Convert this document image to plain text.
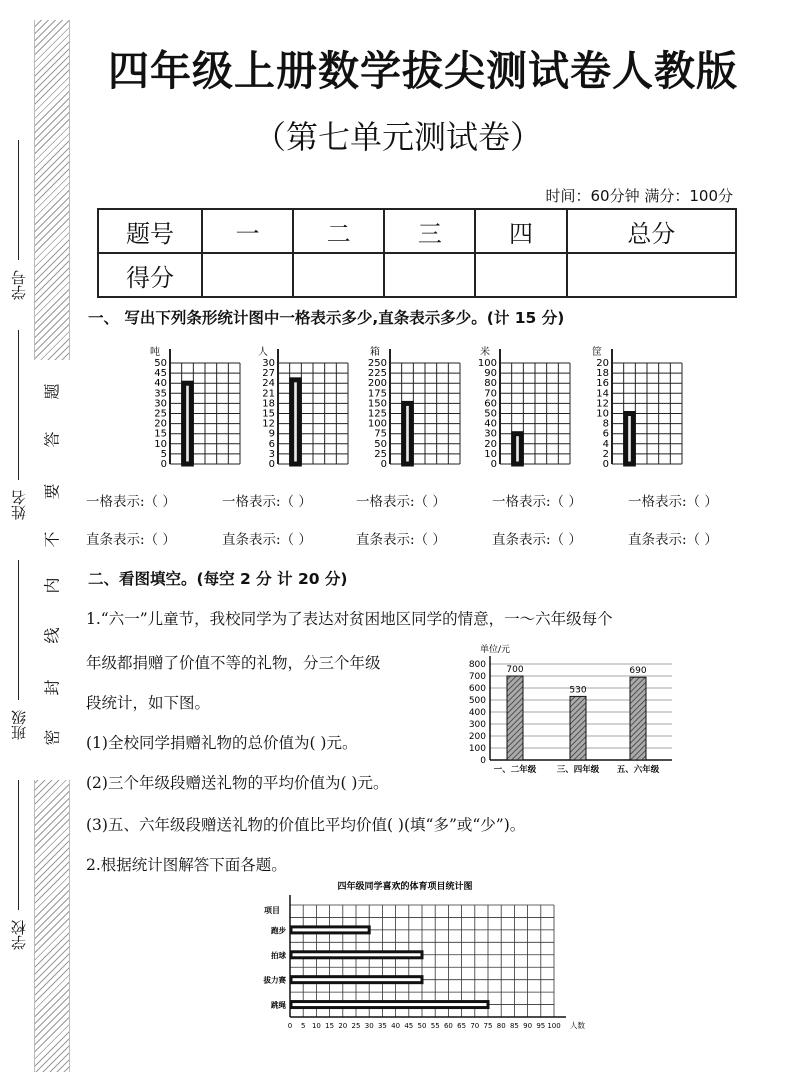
学号
姓名
班级
学校
题
答
要
不
内
线
封
密
四年级上册数学拔尖测试卷人教版
（第七单元测试卷）
时间：60分钟 满分：100分
题号	一	二	三	四	总分
得分					
一、 写出下列条形统计图中一格表示多少,直条表示多少。(计 15 分)
吨
0
5
10
15
20
25
30
35
40
45
50
人
0
3
6
9
12
15
18
21
24
27
30
箱
0
25
50
75
100
125
150
175
200
225
250
米
0
10
20
30
40
50
60
70
80
90
100
筐
0
2
4
6
8
10
12
14
16
18
20
一格表示:（ ）
直条表示:（ ）
一格表示:（ ）
直条表示:（ ）
一格表示:（ ）
直条表示:（ ）
一格表示:（ ）
直条表示:（ ）
一格表示:（ ）
直条表示:（ ）
二、看图填空。(每空 2 分 计 20 分)
1.“六一”儿童节，我校同学为了表达对贫困地区同学的情意，一～六年级每个
年级都捐赠了价值不等的礼物，分三个年级
段统计，如下图。
(1)全校同学捐赠礼物的总价值为( )元。
(2)三个年级段赠送礼物的平均价值为( )元。
(3)五、六年级段赠送礼物的价值比平均价值( )(填“多”或“少”)。
2.根据统计图解答下面各题。
单位/元
0
100
200
300
400
500
600
700
800 700
一、二年级
530
三、四年级
690
五、六年级
四年级同学喜欢的体育项目统计图
项目
0 5 10 15 20 25 30 35 40 45 50 55 60 65 70 75 80 85 90 95 100 人数
跑步
拍球
拔力赛
跳绳
